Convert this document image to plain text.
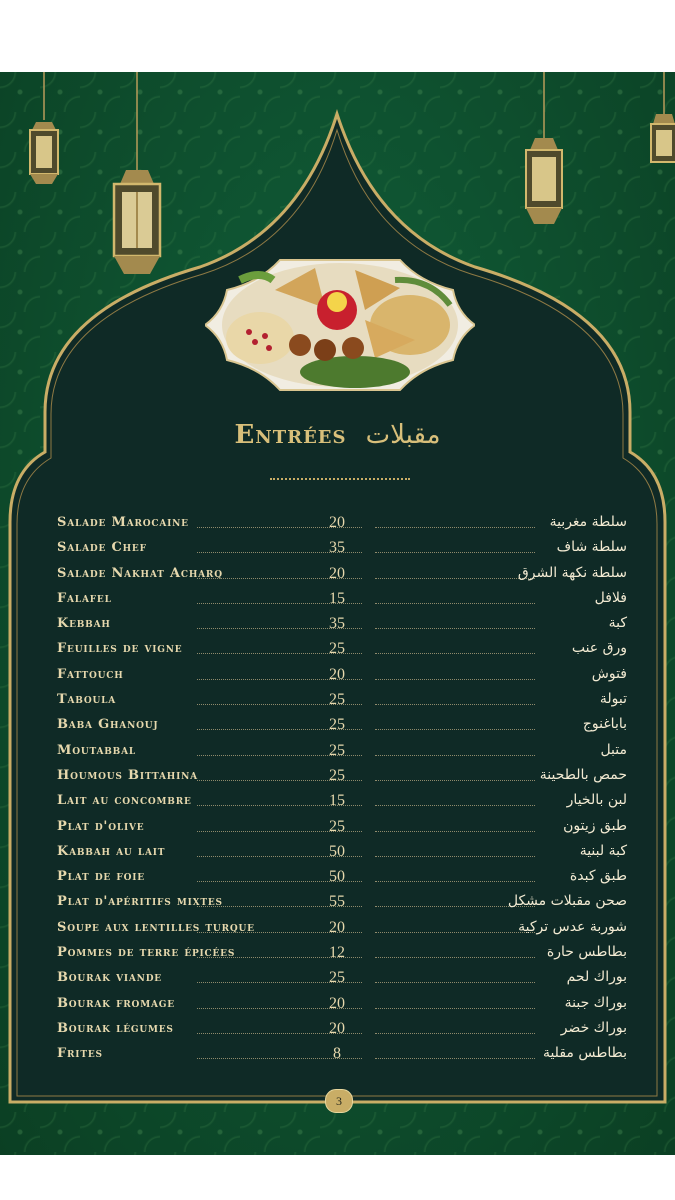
Entrées مقبلات
Salade Marocaine	20	سلطة مغربية
Salade Chef	35	سلطة شاف
Salade Nakhat Acharq	20	سلطة نكهة الشرق
Falafel	15	فلافل
Kebbah	35	كبة
Feuilles de vigne	25	ورق عنب
Fattouch	20	فتوش
Taboula	25	تبولة
Baba Ghanouj	25	باباغنوج
Moutabbal	25	متبل
Houmous Bittahina	25	حمص بالطحينة
Lait au concombre	15	لبن بالخيار
Plat d'olive	25	طبق زيتون
Kabbah au lait	50	كبة لبنية
Plat de foie	50	طبق كبدة
Plat d'apéritifs mixtes	55	صحن مقبلات مشكل
Soupe aux lentilles turque	20	شوربة عدس تركية
Pommes de terre épicées	12	بطاطس حارة
Bourak viande	25	بوراك لحم
Bourak fromage	20	بوراك جبنة
Bourak légumes	20	بوراك خضر
Frites	8	بطاطس مقلية
3
